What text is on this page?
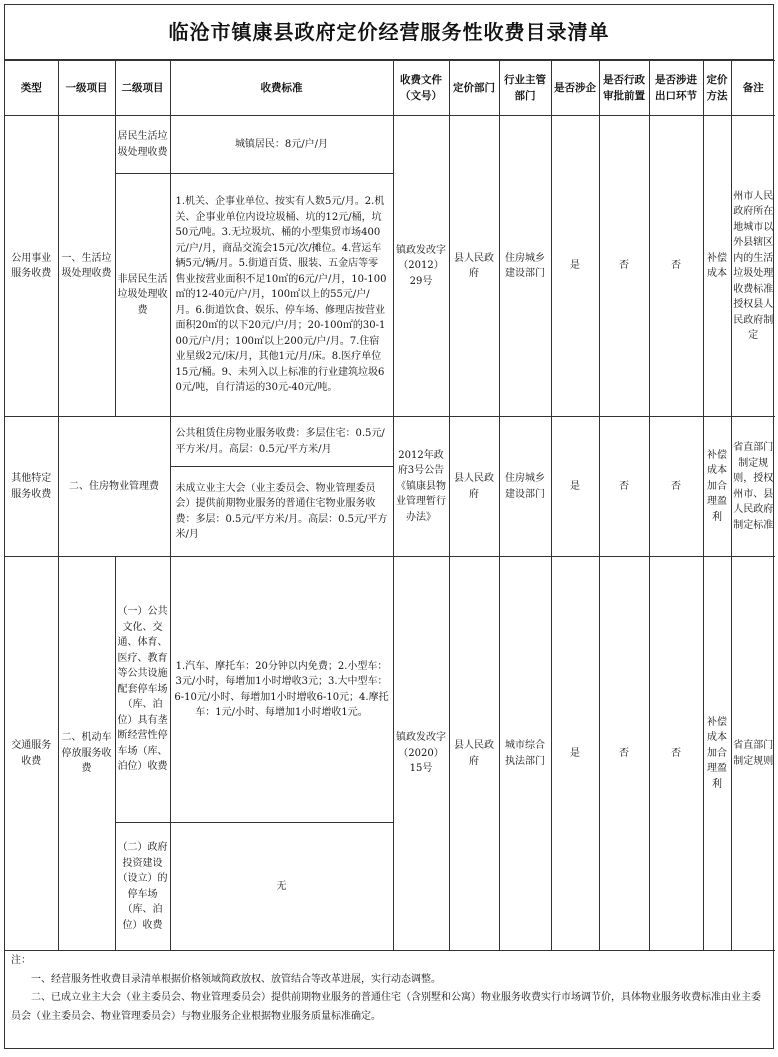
临沧市镇康县政府定价经营服务性收费目录清单
类型	一级项目	二级项目	收费标准	收费文件（文号）	定价部门	行业主管部门	是否涉企	是否行政审批前置	是否涉进出口环节	定价方法	备注
公用事业服务收费	一、生活垃圾处理收费	居民生活垃圾处理收费	城镇居民：8元/户/月	镇政发改字（2012）29号	县人民政府	住房城乡建设部门	是	否	否	补偿成本	州市人民政府所在地城市以外县辖区内的生活垃圾处理收费标准授权县人民政府制定
		非居民生活垃圾处理收费	1.机关、企事业单位、按实有人数5元/月。2.机关、企事业单位内设垃圾桶、坑的12元/桶，坑50元/吨。3.无垃圾坑、桶的小型集贸市场400元/户/月，商品交流会15元/次/摊位。4.营运车辆5元/辆/月。5.街道百货、服装、五金店等零售业按营业面积不足10㎡的6元/户/月，10-100㎡的12-40元/户/月，100㎡以上的55元/户/月。6.街道饮食、娱乐、停车场、修理店按营业面积20㎡的以下20元/户/月；20-100㎡的30-100元/户/月；100㎡以上200元/户/月。7.住宿业星级2元/床/月，其他1元/月/床。8.医疗单位15元/桶。9、未列入以上标准的行业建筑垃圾60元/吨，自行清运的30元-40元/吨。								
其他特定服务收费	二、住房物业管理费		公共租赁住房物业服务收费：多层住宅：0.5元/平方米/月。高层：0.5元/平方米/月	2012年政府3号公告《镇康县物业管理暂行办法》	县人民政府	住房城乡建设部门	是	否	否	补偿成本加合理盈利	省直部门制定规则，授权州市、县人民政府制定标准
			未成立业主大会（业主委员会、物业管理委员会）提供前期物业服务的普通住宅物业服务收费：多层：0.5元/平方米/月。高层：0.5元/平方米/月								
交通服务收费	二、机动车停放服务收费	（一）公共文化、交通、体育、医疗、教育等公共设施配套停车场（库、泊位）具有垄断经营性停车场（库、泊位）收费	1.汽车、摩托车：20分钟以内免费；2.小型车：3元/小时，每增加1小时增收3元；3.大中型车：6-10元/小时、每增加1小时增收6-10元；4.摩托车：1元/小时、每增加1小时增收1元。	镇政发改字（2020）15号	县人民政府	城市综合执法部门	是	否	否	补偿成本加合理盈利	省直部门制定规则
		（二）政府投资建设（设立）的停车场（库、泊位）收费	无								

注：

一、经营服务性收费目录清单根据价格领域简政放权、放管结合等改革进展，实行动态调整。

二、已成立业主大会（业主委员会、物业管理委员会）提供前期物业服务的普通住宅（含别墅和公寓）物业服务收费实行市场调节价，具体物业服务收费标准由业主委员会（业主委员会、物业管理委员会）与物业服务企业根据物业服务质量标准确定。
